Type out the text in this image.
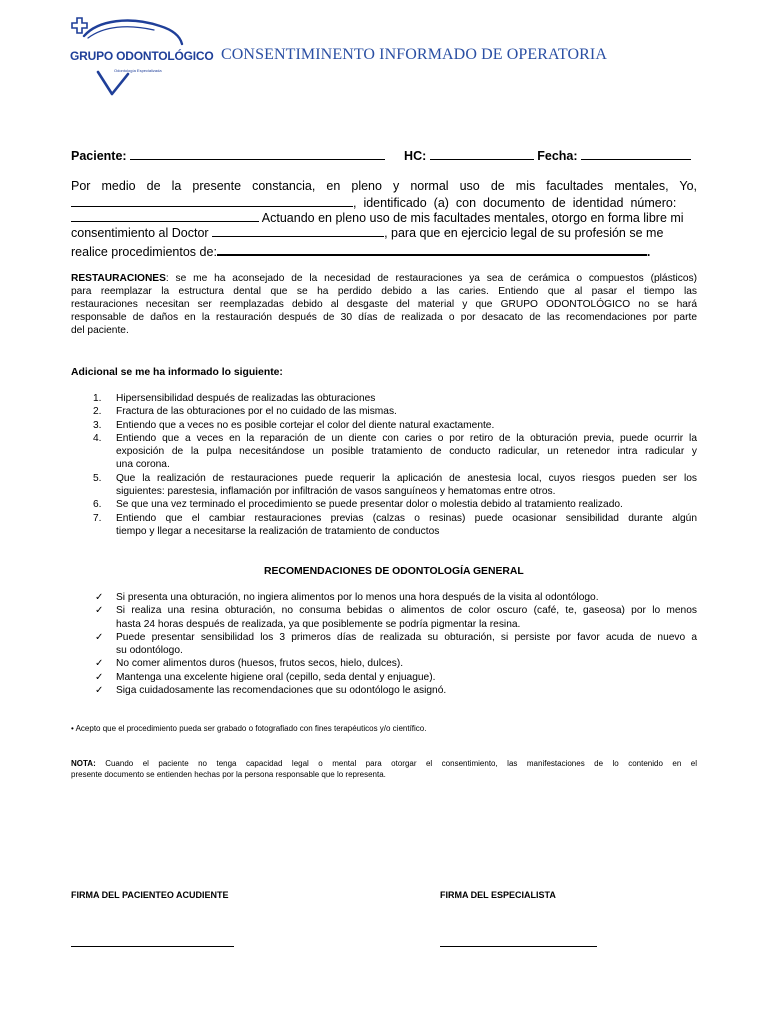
GRUPO ODONTOLÓGICO
Odontología Especializada
CONSENTIMINENTO INFORMADO DE OPERATORIA
Paciente:	HC:	Fecha:
Por medio de la presente constancia, en pleno y normal uso de mis facultades mentales, Yo,
, identificado (a) con documento de identidad número:
Actuando en pleno uso de mis facultades mentales, otorgo en forma libre mi
consentimiento al Doctor	, para que en ejercicio legal de su profesión se me
realice procedimientos de:	.
RESTAURACIONES: se me ha aconsejado de la necesidad de restauraciones ya sea de cerámica o compuestos (plásticos)
para reemplazar la estructura dental que se ha perdido debido a las caries. Entiendo que al pasar el tiempo las
restauraciones necesitan ser reemplazadas debido al desgaste del material y que GRUPO ODONTOLÓGICO no se hará
responsable de daños en la restauración después de 30 días de realizada o por desacato de las recomendaciones por parte
del paciente.
Adicional se me ha informado lo siguiente:
1. Hipersensibilidad después de realizadas las obturaciones
2. Fractura de las obturaciones por el no cuidado de las mismas.
3. Entiendo que a veces no es posible cortejar el color del diente natural exactamente.
4. Entiendo que a veces en la reparación de un diente con caries o por retiro de la obturación previa, puede ocurrir la
exposición de la pulpa necesitándose un posible tratamiento de conducto radicular, un retenedor intra radicular y
una corona.
5. Que la realización de restauraciones puede requerir la aplicación de anestesia local, cuyos riesgos pueden ser los
siguientes: parestesia, inflamación por infiltración de vasos sanguíneos y hematomas entre otros.
6. Se que una vez terminado el procedimiento se puede presentar dolor o molestia debido al tratamiento realizado.
7. Entiendo que el cambiar restauraciones previas (calzas o resinas) puede ocasionar sensibilidad durante algún
tiempo y llegar a necesitarse la realización de tratamiento de conductos
RECOMENDACIONES DE ODONTOLOGÍA GENERAL
✓ Si presenta una obturación, no ingiera alimentos por lo menos una hora después de la visita al odontólogo.
✓ Si realiza una resina obturación, no consuma bebidas o alimentos de color oscuro (café, te, gaseosa) por lo menos
hasta 24 horas después de realizada, ya que posiblemente se podría pigmentar la resina.
✓ Puede presentar sensibilidad los 3 primeros días de realizada su obturación, si persiste por favor acuda de nuevo a
su odontólogo.
✓ No comer alimentos duros (huesos, frutos secos, hielo, dulces).
✓ Mantenga una excelente higiene oral (cepillo, seda dental y enjuague).
✓ Siga cuidadosamente las recomendaciones que su odontólogo le asignó.
• Acepto que el procedimiento pueda ser grabado o fotografiado con fines terapéuticos y/o científico.
NOTA: Cuando el paciente no tenga capacidad legal o mental para otorgar el consentimiento, las manifestaciones de lo contenido en el
presente documento se entienden hechas por la persona responsable que lo representa.
FIRMA DEL PACIENTEO ACUDIENTE	FIRMA DEL ESPECIALISTA
